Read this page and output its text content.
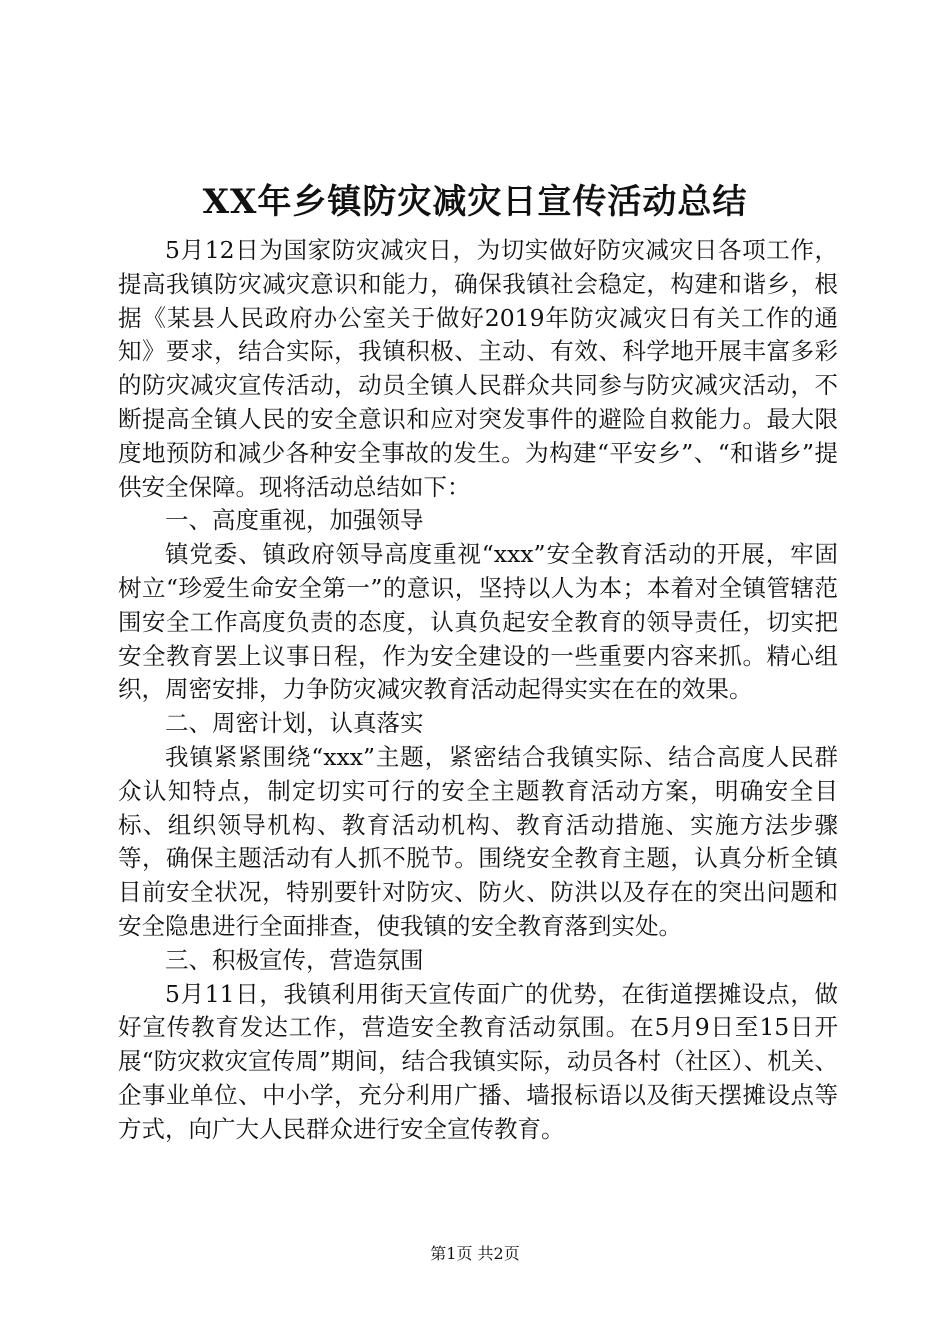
XX年乡镇防灾减灾日宣传活动总结

5月12日为国家防灾减灾日，为切实做好防灾减灾日各项工作，提高我镇防灾减灾意识和能力，确保我镇社会稳定，构建和谐乡，根据《某县人民政府办公室关于做好2019年防灾减灾日有关工作的通知》要求，结合实际，我镇积极、主动、有效、科学地开展丰富多彩的防灾减灾宣传活动，动员全镇人民群众共同参与防灾减灾活动，不断提高全镇人民的安全意识和应对突发事件的避险自救能力。最大限度地预防和减少各种安全事故的发生。为构建“平安乡”、“和谐乡”提供安全保障。现将活动总结如下：

一、高度重视，加强领导

镇党委、镇政府领导高度重视“xxx”安全教育活动的开展，牢固树立“珍爱生命安全第一”的意识，坚持以人为本；本着对全镇管辖范围安全工作高度负责的态度，认真负起安全教育的领导责任，切实把安全教育罢上议事日程，作为安全建设的一些重要内容来抓。精心组织，周密安排，力争防灾减灾教育活动起得实实在在的效果。

二、周密计划，认真落实

我镇紧紧围绕“xxx”主题，紧密结合我镇实际、结合高度人民群众认知特点，制定切实可行的安全主题教育活动方案，明确安全目标、组织领导机构、教育活动机构、教育活动措施、实施方法步骤等，确保主题活动有人抓不脱节。围绕安全教育主题，认真分析全镇目前安全状况，特别要针对防灾、防火、防洪以及存在的突出问题和安全隐患进行全面排查，使我镇的安全教育落到实处。

三、积极宣传，营造氛围

5月11日，我镇利用街天宣传面广的优势，在街道摆摊设点，做好宣传教育发达工作，营造安全教育活动氛围。在5月9日至15日开展“防灾救灾宣传周”期间，结合我镇实际，动员各村（社区）、机关、企事业单位、中小学，充分利用广播、墙报标语以及街天摆摊设点等方式，向广大人民群众进行安全宣传教育。

第1页 共2页
